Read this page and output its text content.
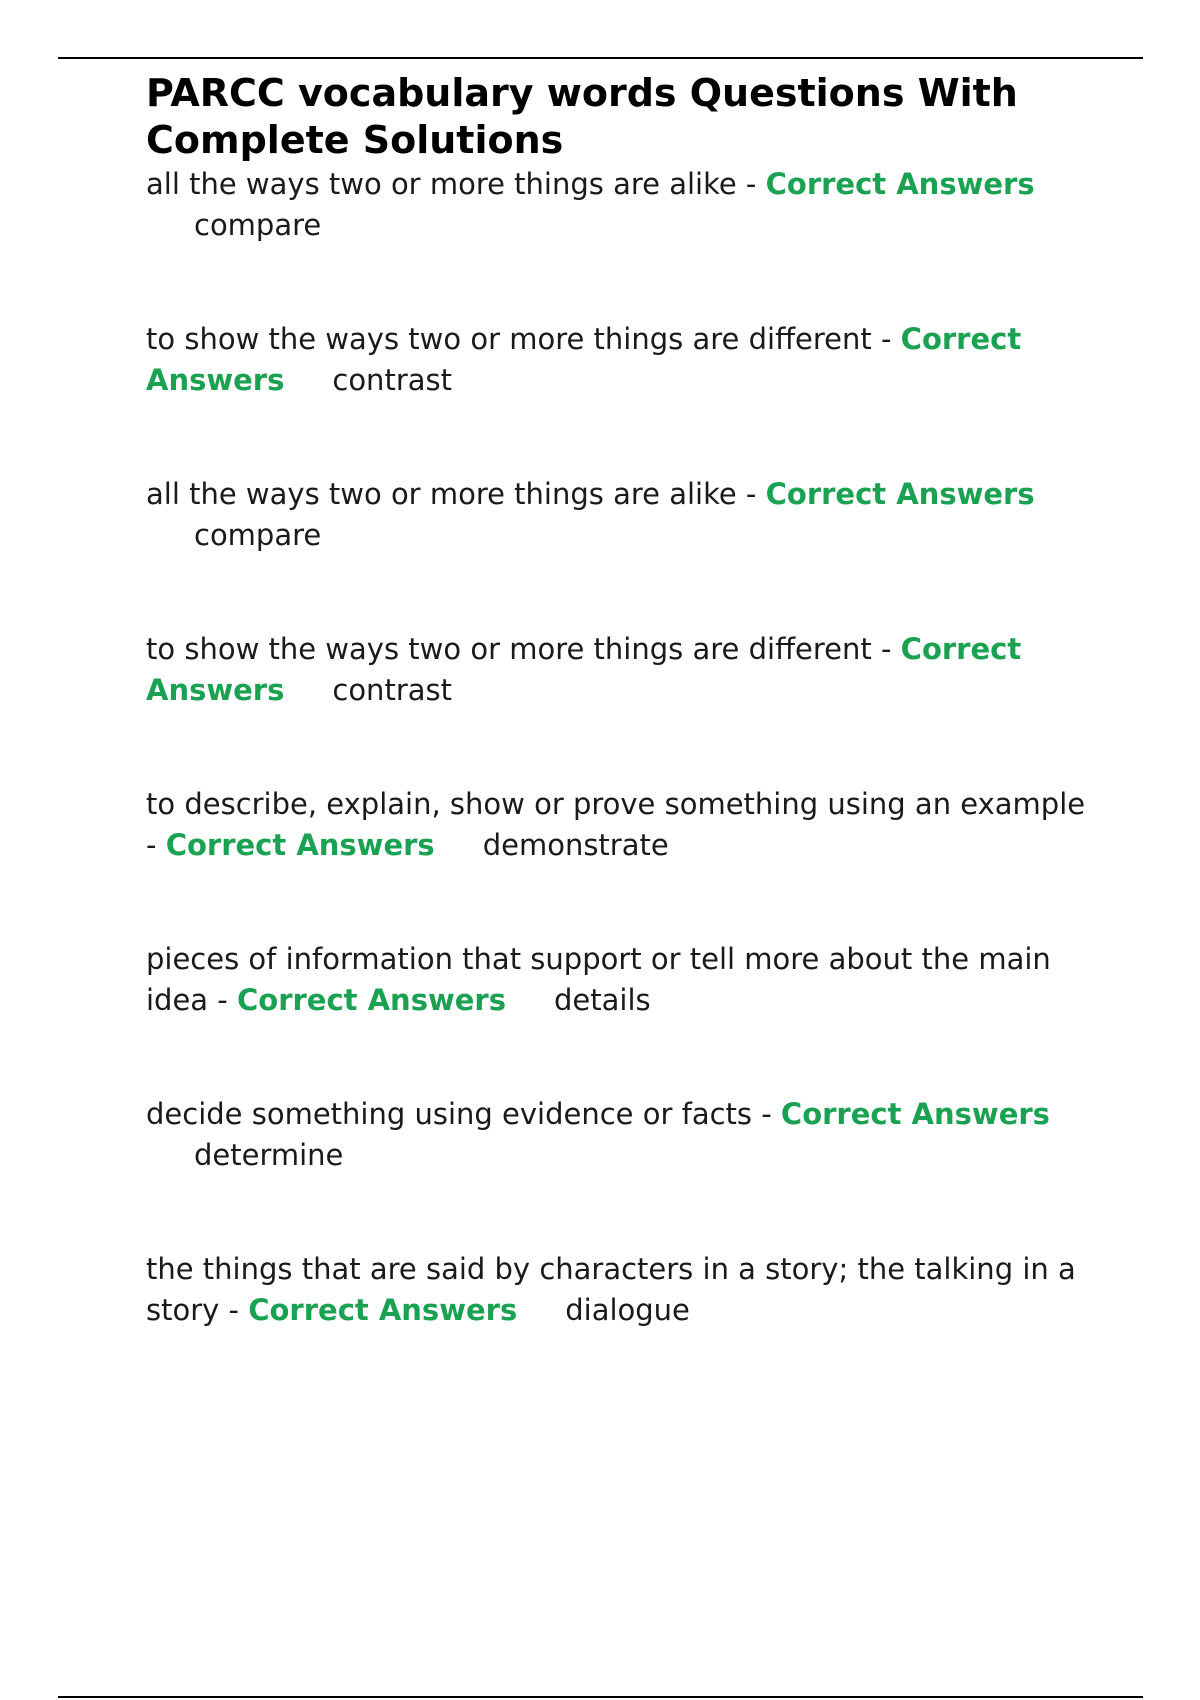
PARCC vocabulary words Questions With Complete Solutions
all the ways two or more things are alike - Correct Answers
compare
to show the ways two or more things are different - Correct Answers contrast
all the ways two or more things are alike - Correct Answers
compare
to show the ways two or more things are different - Correct Answers contrast
to describe, explain, show or prove something using an example - Correct Answers demonstrate
pieces of information that support or tell more about the main idea - Correct Answers details
decide something using evidence or facts - Correct Answers
determine
the things that are said by characters in a story; the talking in a story - Correct Answers dialogue
